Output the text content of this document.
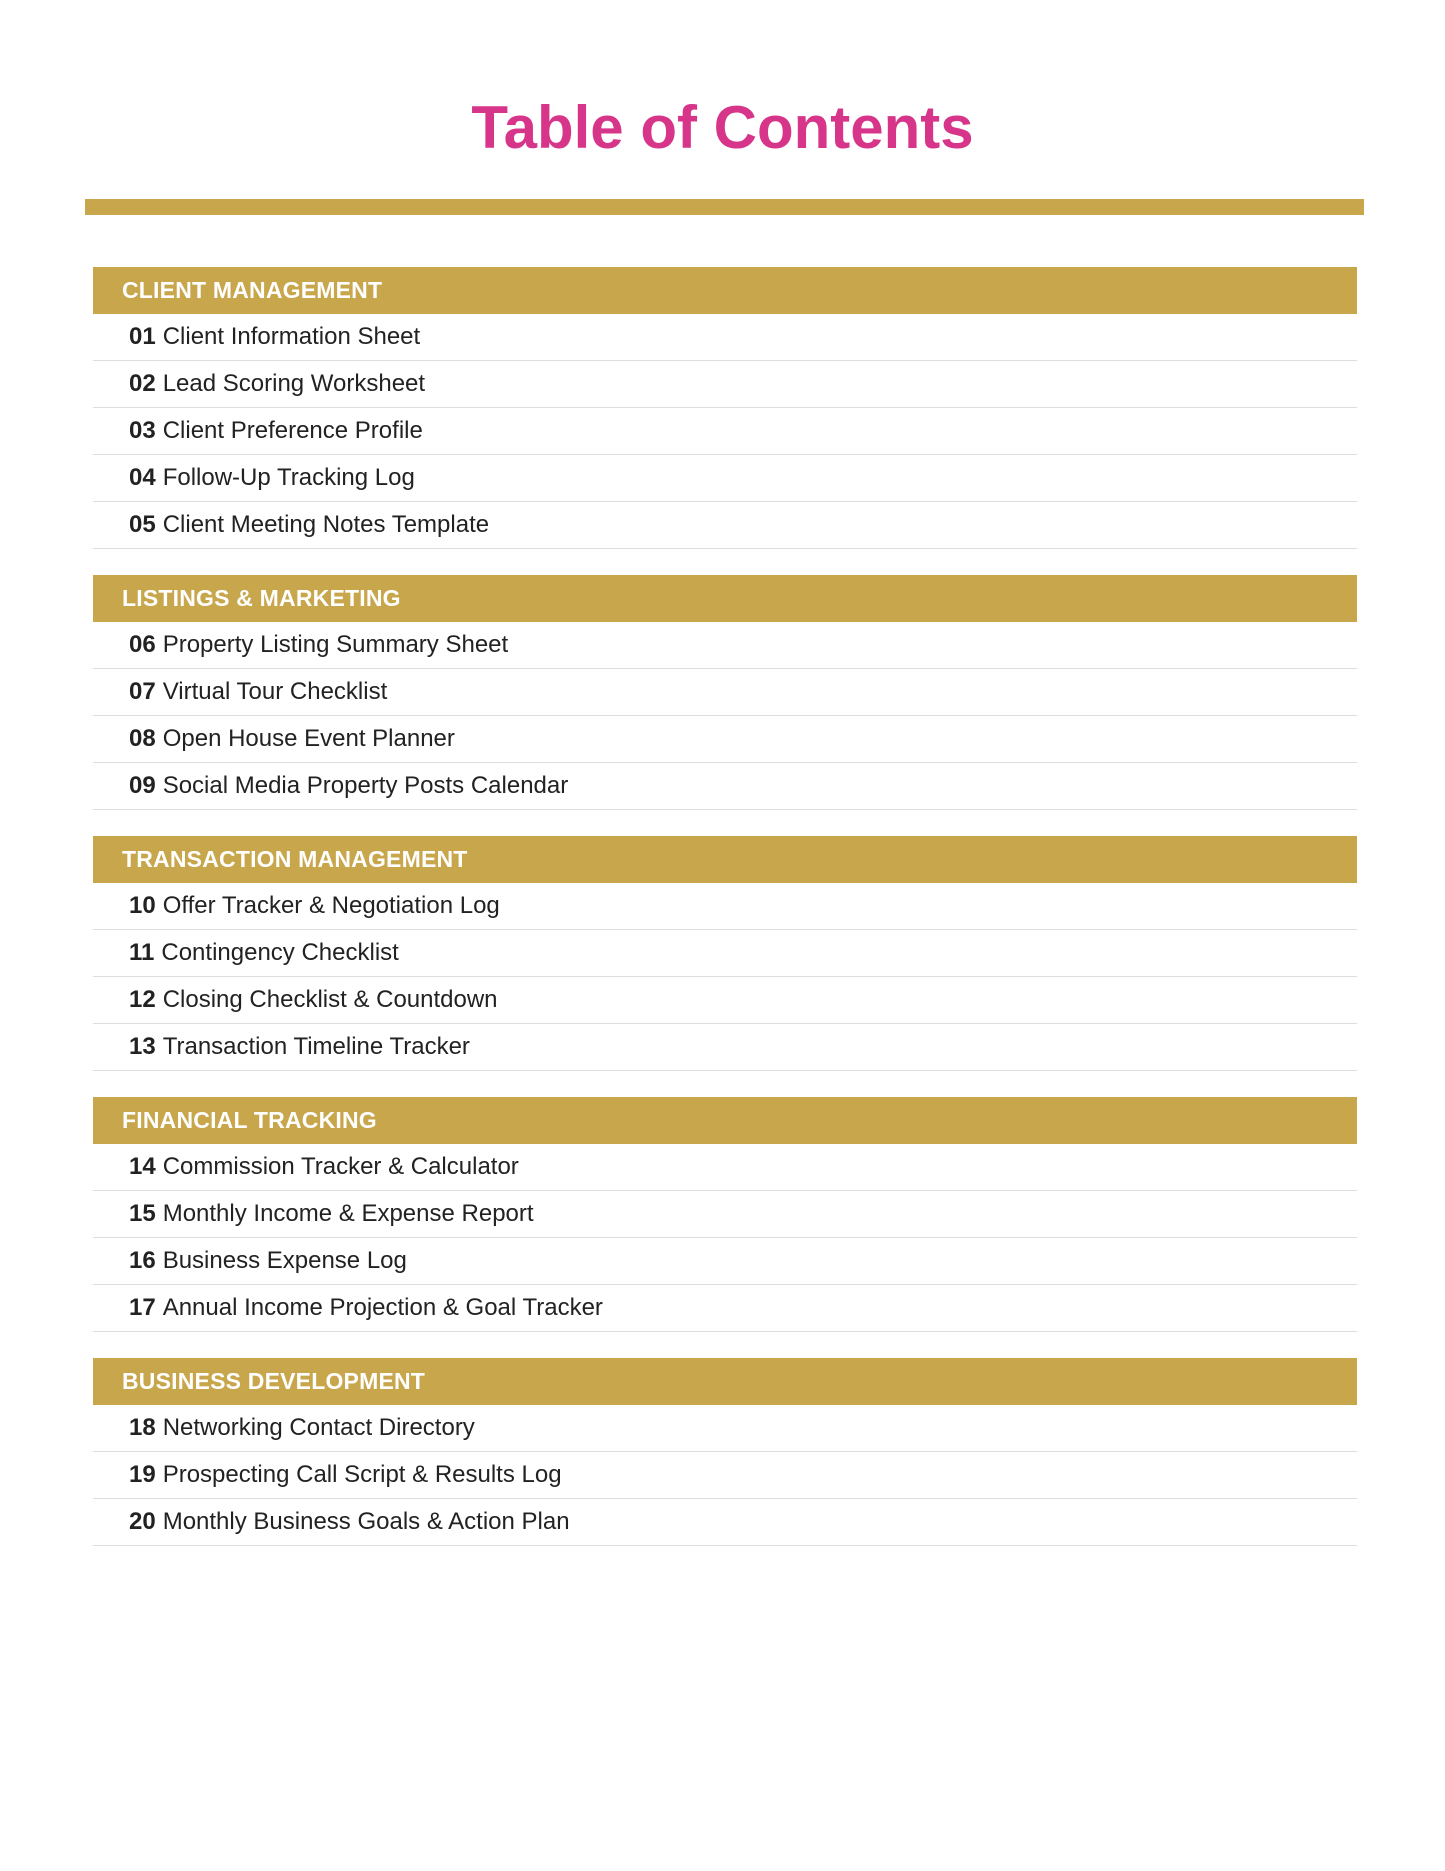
Table of Contents
CLIENT MANAGEMENT
01 Client Information Sheet
02 Lead Scoring Worksheet
03 Client Preference Profile
04 Follow-Up Tracking Log
05 Client Meeting Notes Template
LISTINGS & MARKETING
06 Property Listing Summary Sheet
07 Virtual Tour Checklist
08 Open House Event Planner
09 Social Media Property Posts Calendar
TRANSACTION MANAGEMENT
10 Offer Tracker & Negotiation Log
11 Contingency Checklist
12 Closing Checklist & Countdown
13 Transaction Timeline Tracker
FINANCIAL TRACKING
14 Commission Tracker & Calculator
15 Monthly Income & Expense Report
16 Business Expense Log
17 Annual Income Projection & Goal Tracker
BUSINESS DEVELOPMENT
18 Networking Contact Directory
19 Prospecting Call Script & Results Log
20 Monthly Business Goals & Action Plan
